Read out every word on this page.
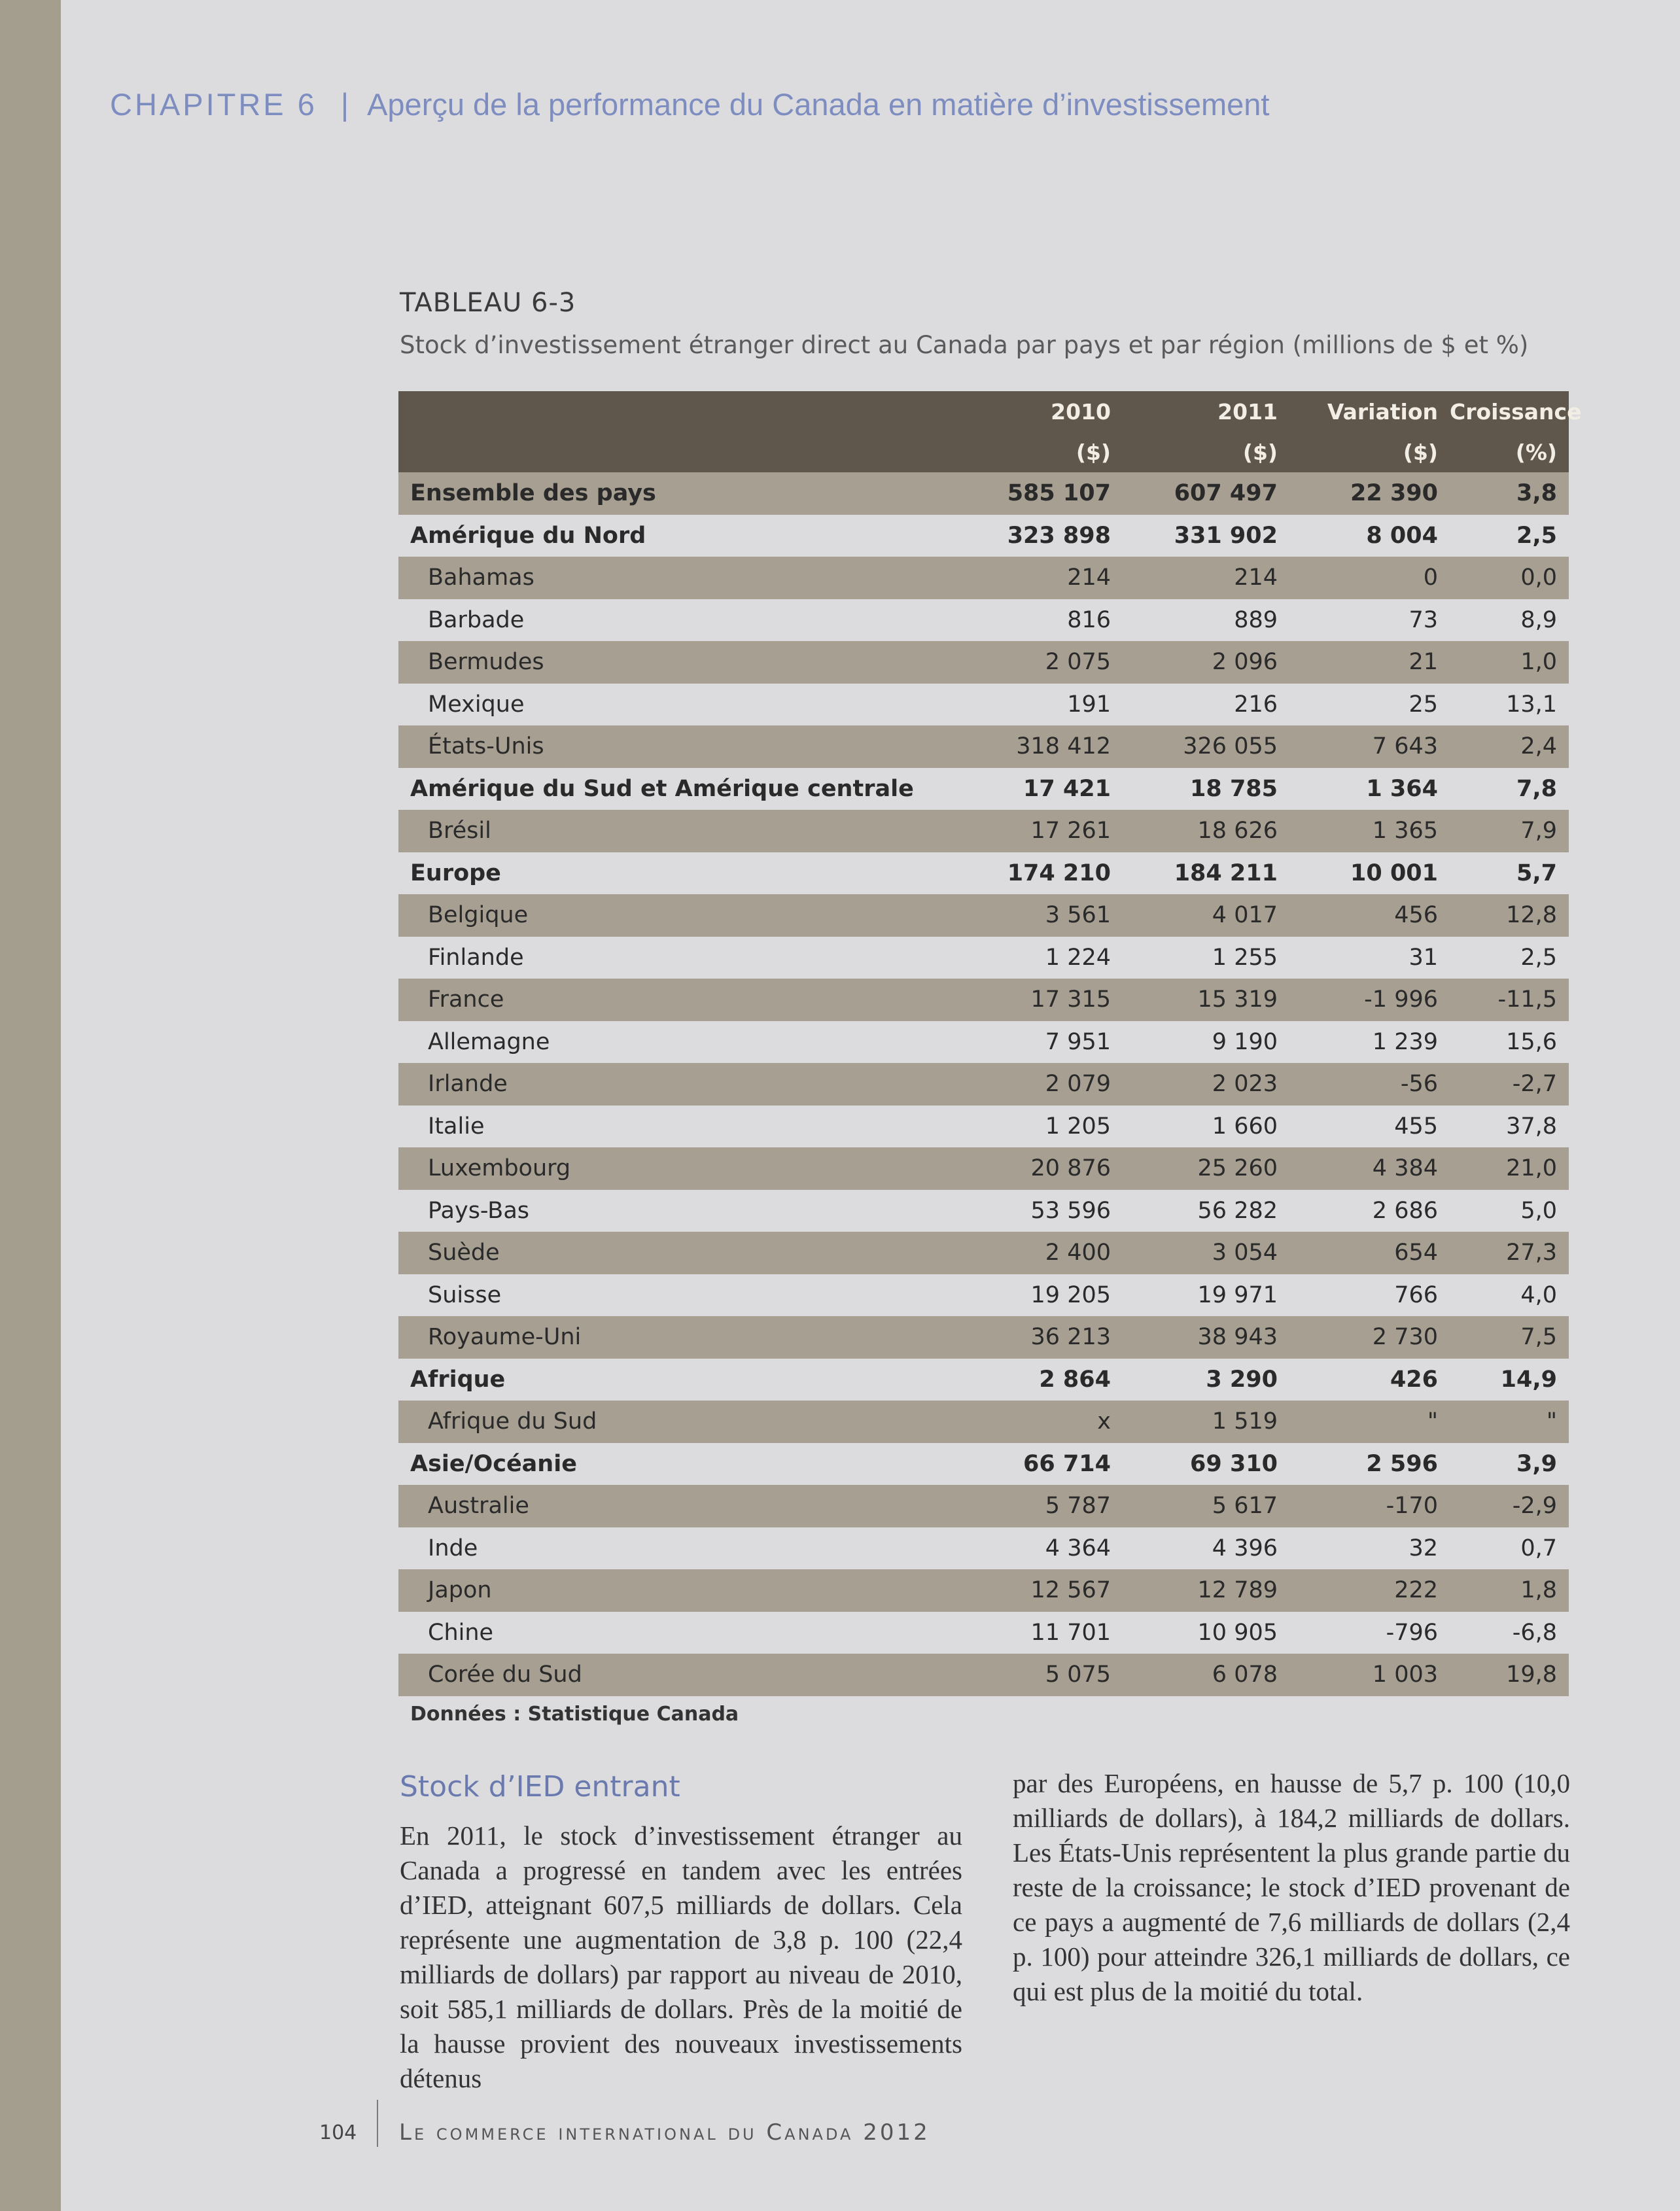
CHAPITRE 6 | Aperçu de la performance du Canada en matière d’investissement
TABLEAU 6-3
Stock d’investissement étranger direct au Canada par pays et par région (millions de $ et %)
	2010	2011	Variation	Croissance
	($)	($)	($)	(%)
Ensemble des pays	585 107	607 497	22 390	3,8
Amérique du Nord	323 898	331 902	8 004	2,5
Bahamas	214	214	0	0,0
Barbade	816	889	73	8,9
Bermudes	2 075	2 096	21	1,0
Mexique	191	216	25	13,1
États-Unis	318 412	326 055	7 643	2,4
Amérique du Sud et Amérique centrale	17 421	18 785	1 364	7,8
Brésil	17 261	18 626	1 365	7,9
Europe	174 210	184 211	10 001	5,7
Belgique	3 561	4 017	456	12,8
Finlande	1 224	1 255	31	2,5
France	17 315	15 319	-1 996	-11,5
Allemagne	7 951	9 190	1 239	15,6
Irlande	2 079	2 023	-56	-2,7
Italie	1 205	1 660	455	37,8
Luxembourg	20 876	25 260	4 384	21,0
Pays-Bas	53 596	56 282	2 686	5,0
Suède	2 400	3 054	654	27,3
Suisse	19 205	19 971	766	4,0
Royaume-Uni	36 213	38 943	2 730	7,5
Afrique	2 864	3 290	426	14,9
Afrique du Sud	x	1 519	"	"
Asie/Océanie	66 714	69 310	2 596	3,9
Australie	5 787	5 617	-170	-2,9
Inde	4 364	4 396	32	0,7
Japon	12 567	12 789	222	1,8
Chine	11 701	10 905	-796	-6,8
Corée du Sud	5 075	6 078	1 003	19,8
Données : Statistique Canada
Stock d’IED entrant
En 2011, le stock d’investissement étranger au Canada a progressé en tandem avec les entrées d’IED, atteignant 607,5 milliards de dollars. Cela représente une augmentation de 3,8 p. 100 (22,4 milliards de dollars) par rapport au niveau de 2010, soit 585,1 milliards de dollars. Près de la moitié de la hausse provient des nouveaux investissements détenus
par des Européens, en hausse de 5,7 p. 100 (10,0 milliards de dollars), à 184,2 milliards de dollars. Les États-Unis représentent la plus grande partie du reste de la croissance; le stock d’IED provenant de ce pays a augmenté de 7,6 milliards de dollars (2,4 p. 100) pour atteindre 326,1 milliards de dollars, ce qui est plus de la moitié du total.
104 Le commerce international du Canada 2012
